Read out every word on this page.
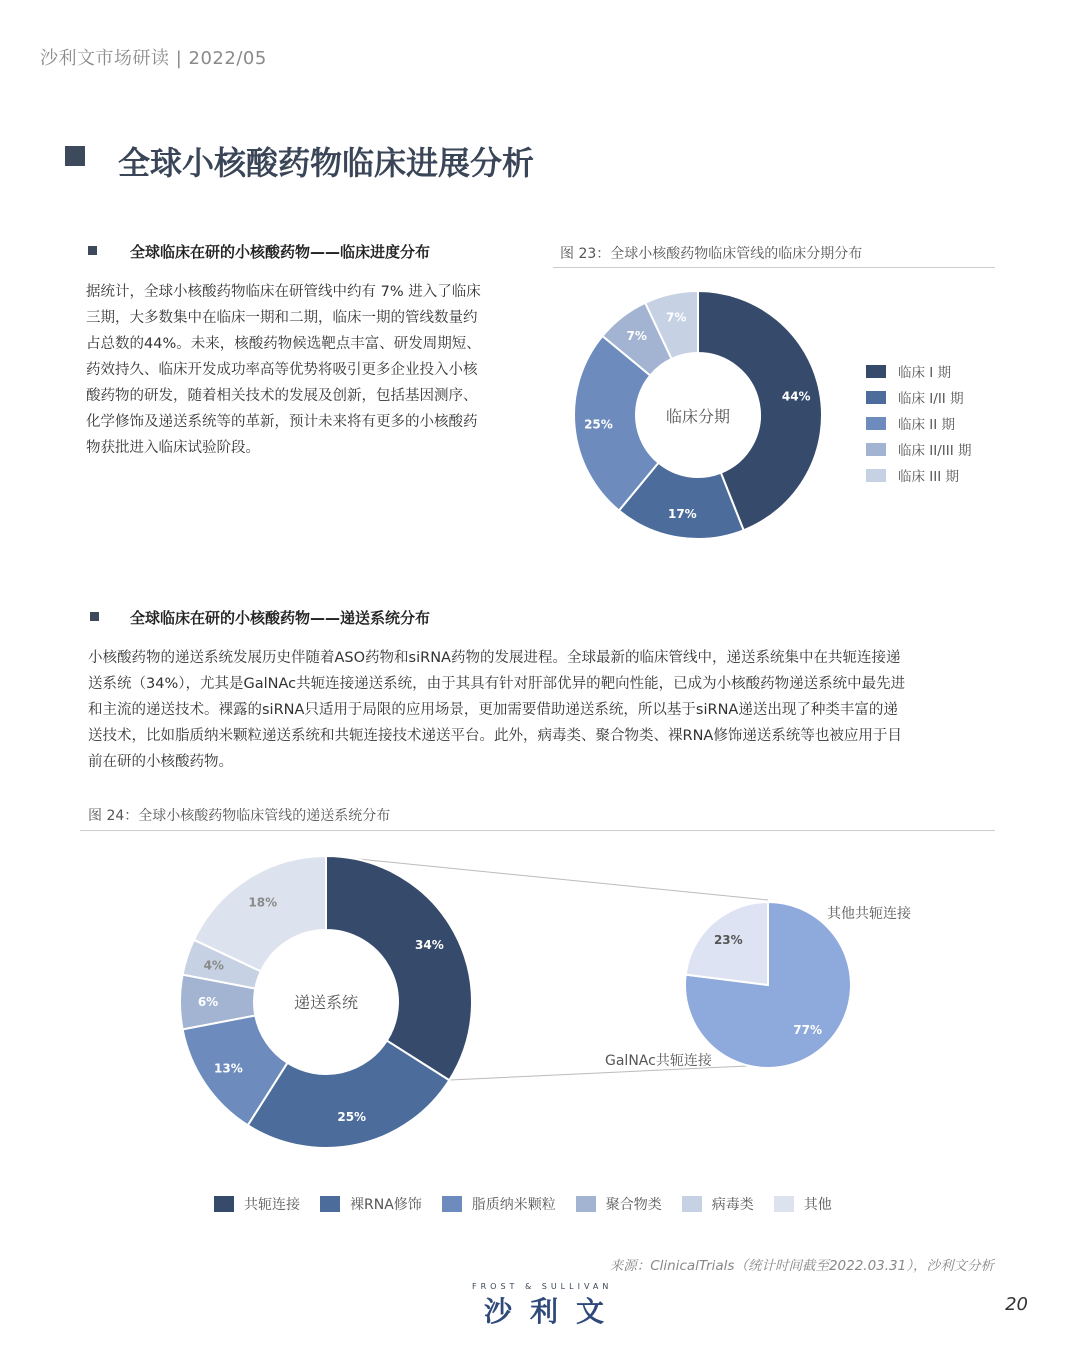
沙利文市场研读 | 2022/05
全球小核酸药物临床进展分析
全球临床在研的小核酸药物——临床进度分布
据统计，全球小核酸药物临床在研管线中约有 7% 进入了临床
三期，大多数集中在临床一期和二期，临床一期的管线数量约
占总数的44%。未来，核酸药物候选靶点丰富、研发周期短、
药效持久、临床开发成功率高等优势将吸引更多企业投入小核
酸药物的研发，随着相关技术的发展及创新，包括基因测序、
化学修饰及递送系统等的革新，预计未来将有更多的小核酸药
物获批进入临床试验阶段。
图 23：全球小核酸药物临床管线的临床分期分布
44%
17%
25%
7%
7%
临床分期
临床 I 期
临床 I/II 期
临床 II 期
临床 II/III 期
临床 III 期
全球临床在研的小核酸药物——递送系统分布
小核酸药物的递送系统发展历史伴随着ASO药物和siRNA药物的发展进程。全球最新的临床管线中，递送系统集中在共轭连接递
送系统（34%），尤其是GalNAc共轭连接递送系统，由于其具有针对肝部优异的靶向性能，已成为小核酸药物递送系统中最先进
和主流的递送技术。裸露的siRNA只适用于局限的应用场景，更加需要借助递送系统，所以基于siRNA递送出现了种类丰富的递
送技术，比如脂质纳米颗粒递送系统和共轭连接技术递送平台。此外，病毒类、聚合物类、裸RNA修饰递送系统等也被应用于目
前在研的小核酸药物。
图 24：全球小核酸药物临床管线的递送系统分布
34%
25%
13%
6%
4%
18%
递送系统
77%
23%
其他共轭连接
GalNAc共轭连接
共轭连接	裸RNA修饰	脂质纳米颗粒	聚合物类	病毒类	其他
来源：ClinicalTrials（统计时间截至2022.03.31），沙利文分析
FROST & SULLIVAN
沙利文	20
